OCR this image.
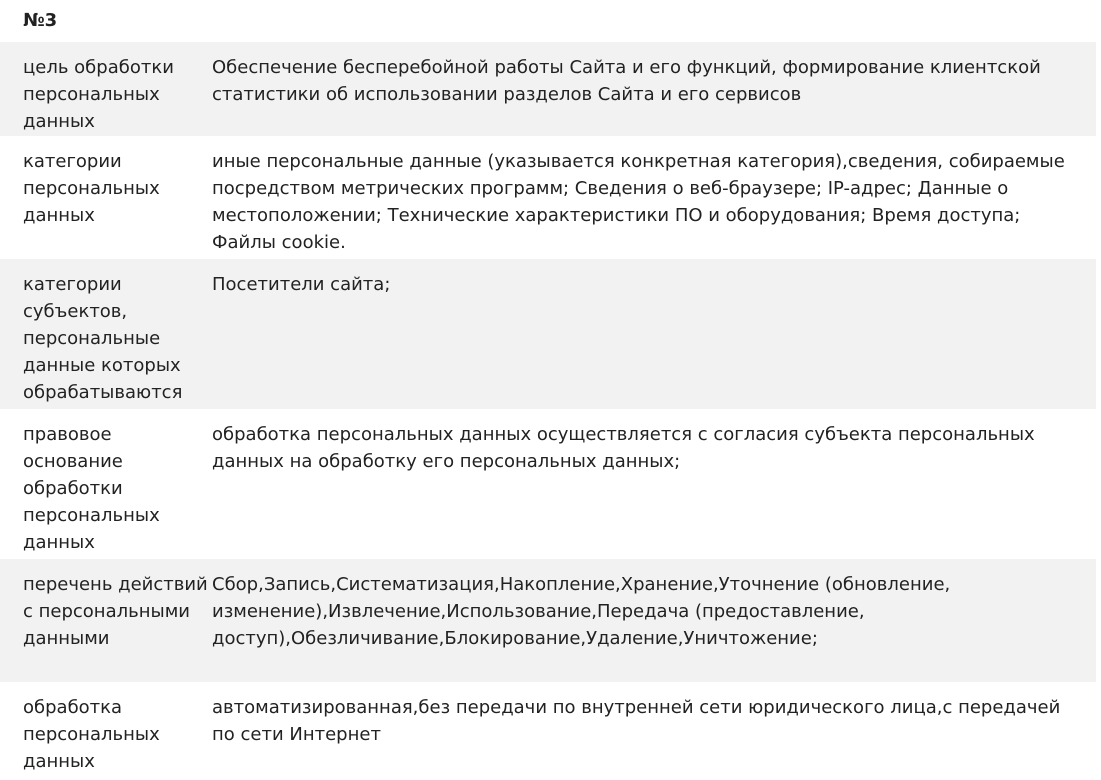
№3
цель обработки персональных данных
Обеспечение бесперебойной работы Сайта и его функций, формирование клиентской статистики об использовании разделов Сайта и его сервисов
категории персональных данных
иные персональные данные (указывается конкретная категория),сведения, собираемые посредством метрических программ; Сведения о веб-браузере; IP-адрес; Данные о местоположении; Технические характеристики ПО и оборудования; Время доступа; Файлы cookie.
категории субъектов, персональные данные которых обрабатываются
Посетители сайта;
правовое основание обработки персональных данных
обработка персональных данных осуществляется с согласия субъекта персональных данных на обработку его персональных данных;
перечень действий с персональными данными
Сбор,Запись,Систематизация,Накопление,Хранение,Уточнение (обновление, изменение),Извлечение,Использование,Передача (предоставление, доступ),Обезличивание,Блокирование,Удаление,Уничтожение;
обработка персональных данных
автоматизированная,без передачи по внутренней сети юридического лица,с передачей по сети Интернет
